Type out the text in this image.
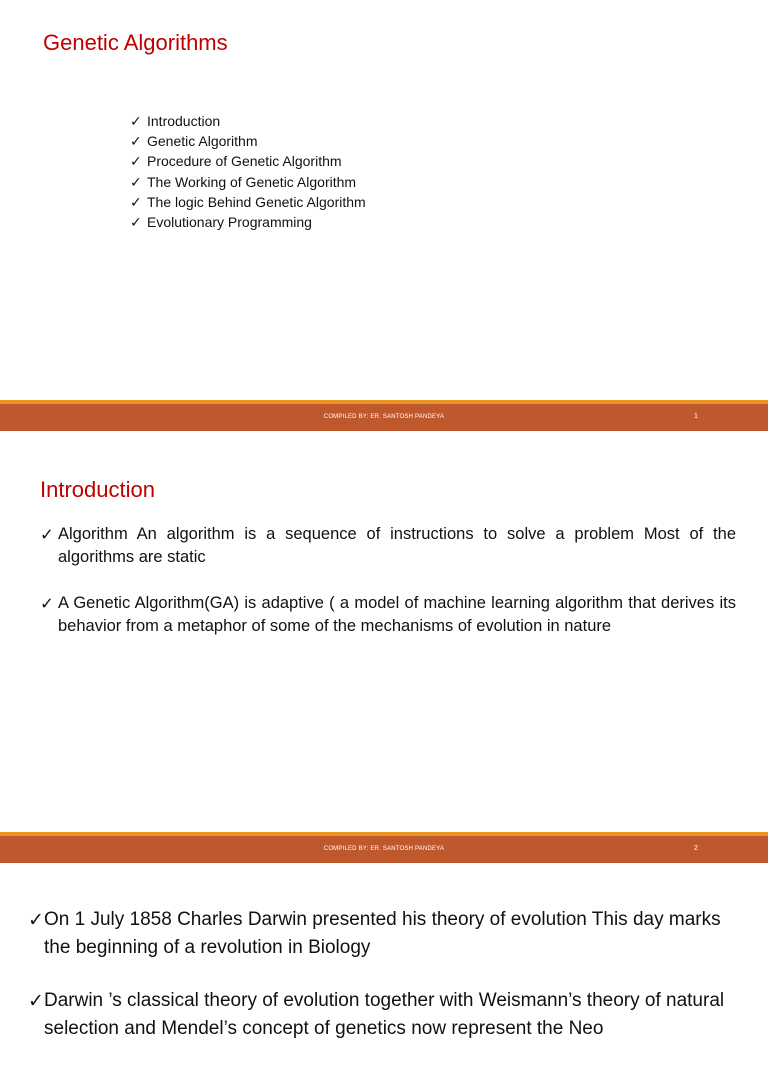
Genetic Algorithms
✓ Introduction
✓ Genetic Algorithm
✓ Procedure of Genetic Algorithm
✓ The Working of Genetic Algorithm
✓ The logic Behind Genetic Algorithm
✓ Evolutionary Programming
COMPILED BY: ER. SANTOSH PANDEYA	1
Introduction
✓ Algorithm An algorithm is a sequence of instructions to solve a problem Most of the algorithms are static
✓ A Genetic Algorithm(GA) is adaptive ( a model of machine learning algorithm that derives its behavior from a metaphor of some of the mechanisms of evolution in nature
COMPILED BY: ER. SANTOSH PANDEYA	2
✓ On 1 July 1858 Charles Darwin presented his theory of evolution This day marks the beginning of a revolution in Biology
✓ Darwin ’s classical theory of evolution together with Weismann’s theory of natural selection and Mendel’s concept of genetics now represent the Neo
